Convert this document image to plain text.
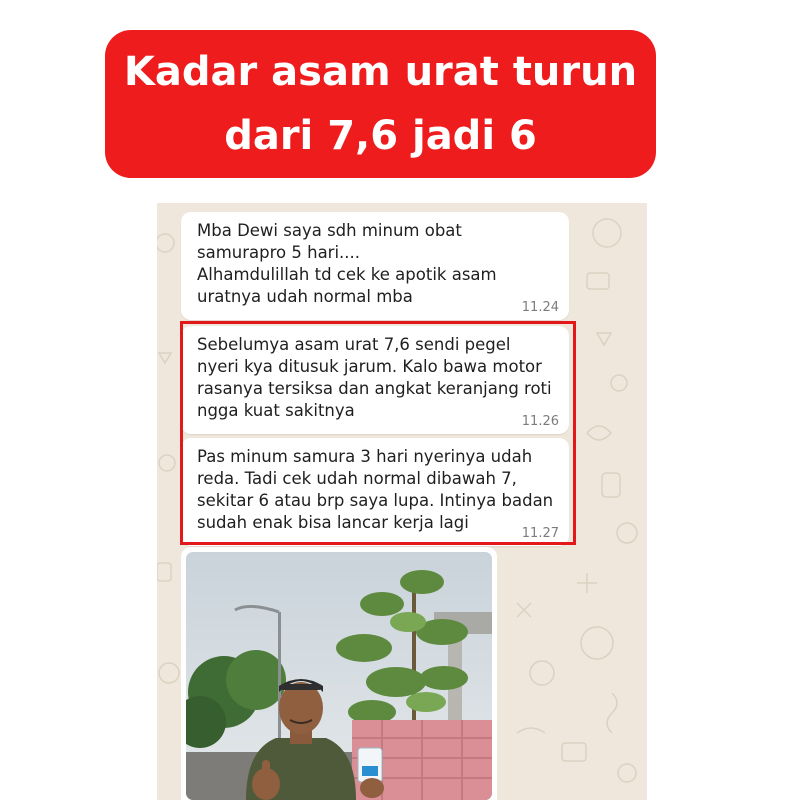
Kadar asam urat turun
dari 7,6 jadi 6
Mba Dewi saya sdh minum obat
samurapro 5 hari....
Alhamdulillah td cek ke apotik asam
uratnya udah normal mba
11.24
Sebelumya asam urat 7,6 sendi pegel
nyeri kya ditusuk jarum. Kalo bawa motor
rasanya tersiksa dan angkat keranjang roti
ngga kuat sakitnya
11.26
Pas minum samura 3 hari nyerinya udah
reda. Tadi cek udah normal dibawah 7,
sekitar 6 atau brp saya lupa. Intinya badan
sudah enak bisa lancar kerja lagi
11.27
